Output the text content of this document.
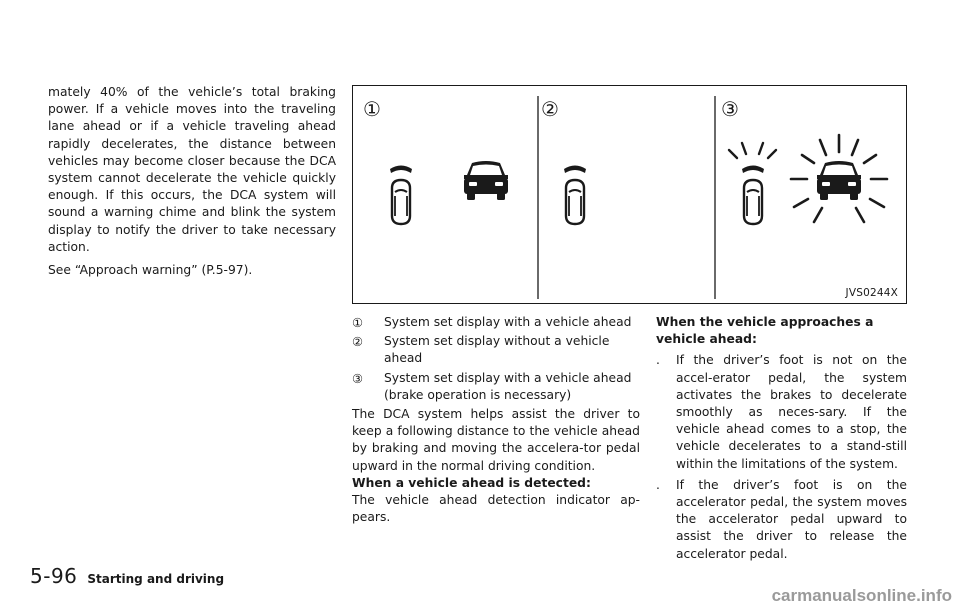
mately 40% of the vehicle’s total braking power. If a vehicle moves into the traveling lane ahead or if a vehicle traveling ahead rapidly decelerates, the distance between vehicles may become closer because the DCA system cannot decelerate the vehicle quickly enough. If this occurs, the DCA system will sound a warning chime and blink the system display to notify the driver to take necessary action.

See “Approach warning” (P.5-97).

①	②	③
JVS0244X
① System set display with a vehicle ahead
② System set display without a vehicle ahead
③ System set display with a vehicle ahead (brake operation is necessary)

The DCA system helps assist the driver to keep a following distance to the vehicle ahead by braking and moving the accelera-tor pedal upward in the normal driving condition.

When a vehicle ahead is detected:

The vehicle ahead detection indicator ap-pears.

When the vehicle approaches a vehicle ahead:

. If the driver’s foot is not on the accel-erator pedal, the system activates the brakes to decelerate smoothly as neces-sary. If the vehicle ahead comes to a stop, the vehicle decelerates to a stand-still within the limitations of the system.
. If the driver’s foot is on the accelerator pedal, the system moves the accelerator pedal upward to assist the driver to release the accelerator pedal.
5-96 Starting and driving
carmanualsonline.info
